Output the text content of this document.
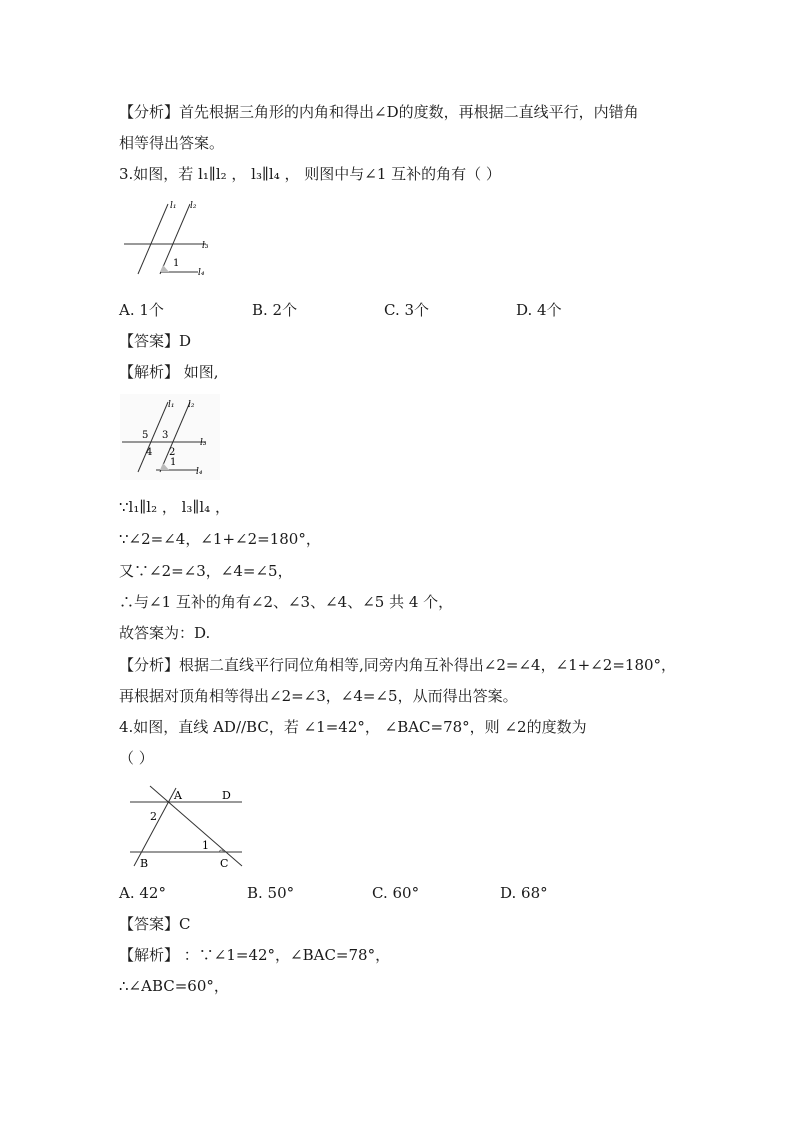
【分析】首先根据三角形的内角和得出∠D的度数，再根据二直线平行，内错角
相等得出答案。
3.如图，若 l₁∥l₂ ， l₃∥l₄ ， 则图中与∠1 互补的角有（ ）
l₁ l₂
l₃
l₄
1
A. 1个	B. 2个	C. 3个	D. 4个
【答案】D
【解析】 如图,
l₁ l₂
l₃
l₄
5 3
4 2
1
∵l₁∥l₂ ， l₃∥l₄ ，
∵∠2=∠4，∠1+∠2=180°，
又∵∠2=∠3，∠4=∠5，
∴与∠1 互补的角有∠2、∠3、∠4、∠5 共 4 个，
故答案为：D.
【分析】根据二直线平行同位角相等,同旁内角互补得出∠2=∠4，∠1+∠2=180°，
再根据对顶角相等得出∠2=∠3，∠4=∠5，从而得出答案。
4.如图，直线 AD//BC，若 ∠1=42°， ∠BAC=78°，则 ∠2的度数为
（ ）
A	D
B	C
1
2
A. 42°	B. 50°	C. 60°	D. 68°
【答案】C
【解析】 ：∵∠1=42°，∠BAC=78°，
∴∠ABC=60°，
